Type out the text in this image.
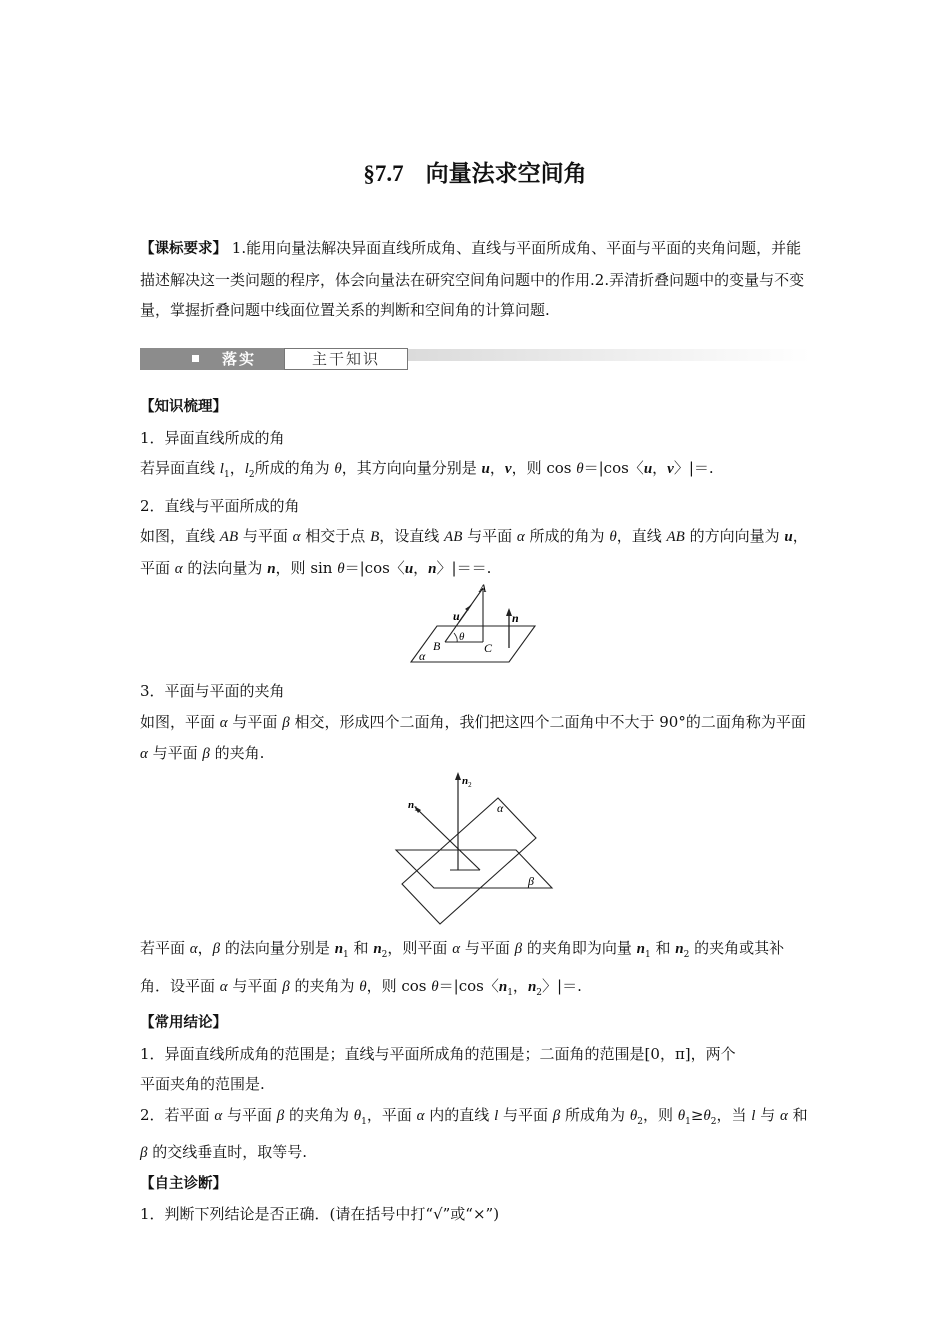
§7.7 向量法求空间角
【课标要求】 1.能用向量法解决异面直线所成角、直线与平面所成角、平面与平面的夹角问题，并能描述解决这一类问题的程序，体会向量法在研究空间角问题中的作用.2.弄清折叠问题中的变量与不变量，掌握折叠问题中线面位置关系的判断和空间角的计算问题.
落实	主干知识
【知识梳理】
1．异面直线所成的角
若异面直线 $l_1$，$l_2$所成的角为 θ，其方向向量分别是 u，v，则 cos θ＝|cos〈u，v〉|＝.
2．直线与平面所成的角
如图，直线 AB 与平面 α 相交于点 B，设直线 AB 与平面 α 所成的角为 θ，直线 AB 的方向向量为 u，平面 α 的法向量为 n，则 sin θ＝|cos〈u，n〉|＝＝.
A
B	C
u	n
θ
α
3．平面与平面的夹角
如图，平面 α 与平面 β 相交，形成四个二面角，我们把这四个二面角中不大于 90°的二面角称为平面 α 与平面 β 的夹角.
$n_2$
$n_1$	α
β
若平面 α，β 的法向量分别是 $n_1$ 和 $n_2$，则平面 α 与平面 β 的夹角即为向量 $n_1$ 和 $n_2$ 的夹角或其补角．设平面 α 与平面 β 的夹角为 θ，则 cos θ＝|cos〈$n_1$，$n_2$〉|＝.
【常用结论】
1．异面直线所成角的范围是；直线与平面所成角的范围是；二面角的范围是[0，π]，两个
平面夹角的范围是.
2．若平面 α 与平面 β 的夹角为 $\theta_1$，平面 α 内的直线 l 与平面 β 所成角为 $\theta_2$，则 $\theta_1\ge\theta_2$，当 l 与 α 和 β 的交线垂直时，取等号.
【自主诊断】
1．判断下列结论是否正确．(请在括号中打“√”或“×”)
